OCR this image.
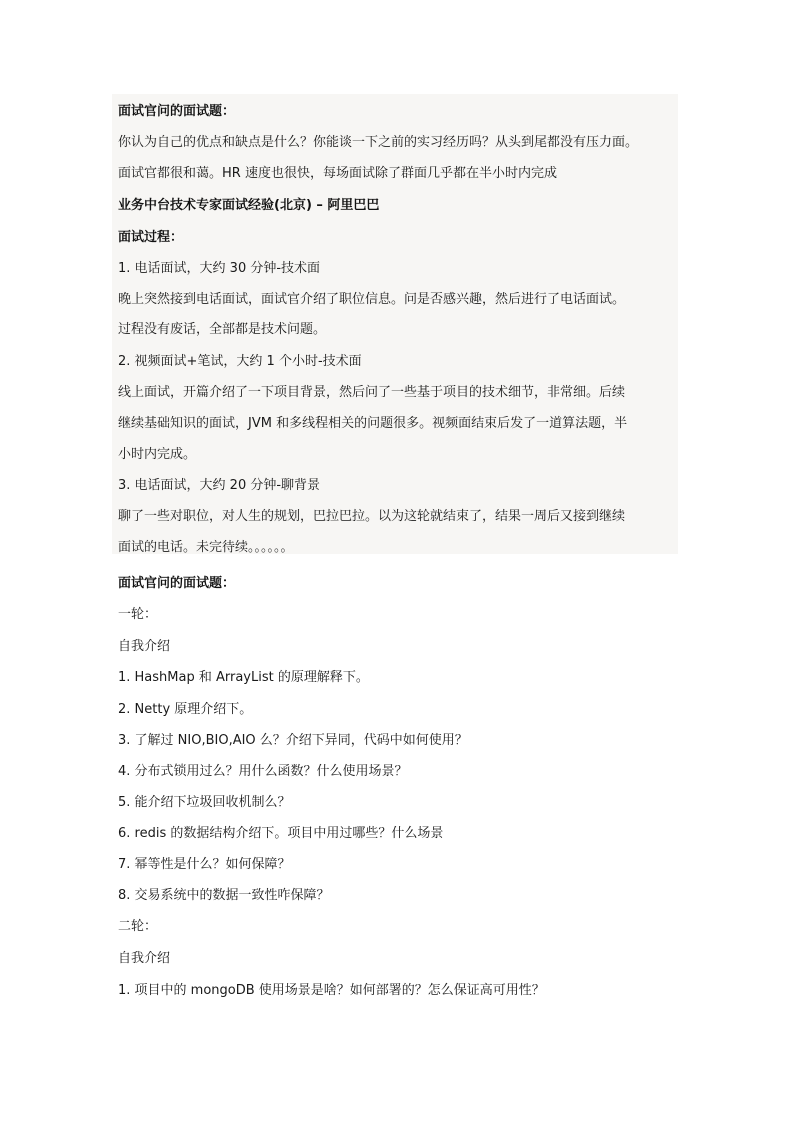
面试官问的面试题：
你认为自己的优点和缺点是什么？你能谈一下之前的实习经历吗？从头到尾都没有压力面。
面试官都很和蔼。HR 速度也很快，每场面试除了群面几乎都在半小时内完成
业务中台技术专家面试经验(北京) – 阿里巴巴
面试过程：
1. 电话面试，大约 30 分钟-技术面
晚上突然接到电话面试，面试官介绍了职位信息。问是否感兴趣，然后进行了电话面试。
过程没有废话，全部都是技术问题。
2. 视频面试+笔试，大约 1 个小时-技术面
线上面试，开篇介绍了一下项目背景，然后问了一些基于项目的技术细节，非常细。后续
继续基础知识的面试，JVM 和多线程相关的问题很多。视频面结束后发了一道算法题，半
小时内完成。
3. 电话面试，大约 20 分钟-聊背景
聊了一些对职位，对人生的规划，巴拉巴拉。以为这轮就结束了，结果一周后又接到继续
面试的电话。未完待续。。。。。。
面试官问的面试题：
一轮：
自我介绍
1. HashMap 和 ArrayList 的原理解释下。
2. Netty 原理介绍下。
3. 了解过 NIO,BIO,AIO 么？介绍下异同，代码中如何使用？
4. 分布式锁用过么？用什么函数？什么使用场景？
5. 能介绍下垃圾回收机制么？
6. redis 的数据结构介绍下。项目中用过哪些？什么场景
7. 幂等性是什么？如何保障？
8. 交易系统中的数据一致性咋保障？
二轮：
自我介绍
1. 项目中的 mongoDB 使用场景是啥？如何部署的？怎么保证高可用性？
